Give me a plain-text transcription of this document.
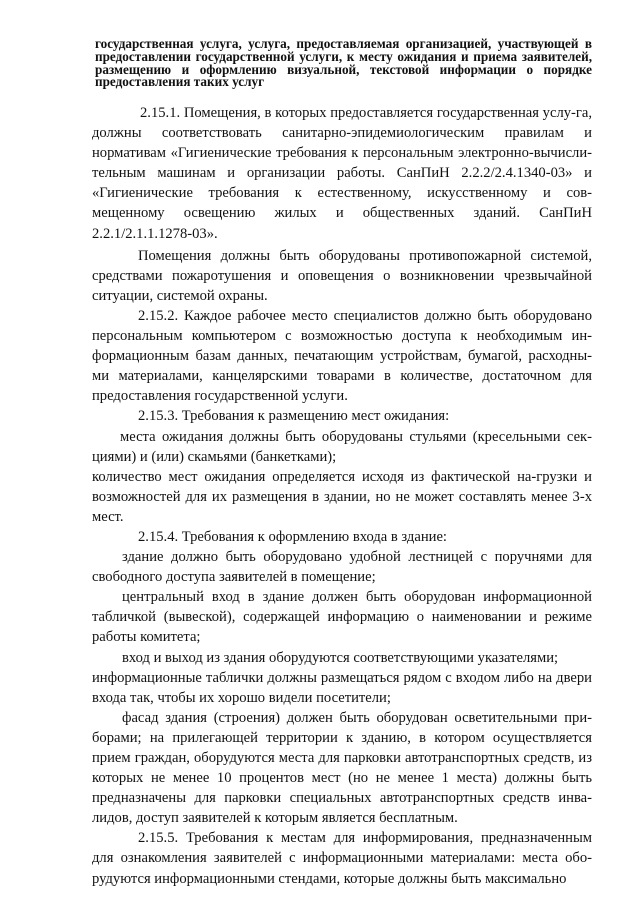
государственная услуга, услуга, предоставляемая организацией, участвующей в предоставлении государственной услуги, к месту ожидания и приема заявителей, размещению и оформлению визуальной, текстовой информации о порядке предоставления таких услуг

2.15.1. Помещения, в которых предоставляется государственная услу-га, должны соответствовать санитарно-эпидемиологическим правилам и нормативам «Гигиенические требования к персональным электронно-вычисли-тельным машинам и организации работы. СанПиН 2.2.2/2.4.1340-03» и «Гигиенические требования к естественному, искусственному и сов-мещенному освещению жилых и общественных зданий. СанПиН 2.2.1/2.1.1.1278-03».

Помещения должны быть оборудованы противопожарной системой, средствами пожаротушения и оповещения о возникновении чрезвычайной ситуации, системой охраны.

2.15.2. Каждое рабочее место специалистов должно быть оборудовано персональным компьютером с возможностью доступа к необходимым ин-формационным базам данных, печатающим устройствам, бумагой, расходны-ми материалами, канцелярскими товарами в количестве, достаточном для предоставления государственной услуги.

2.15.3. Требования к размещению мест ожидания:

места ожидания должны быть оборудованы стульями (кресельными сек-циями) и (или) скамьями (банкетками);

количество мест ожидания определяется исходя из фактической на-грузки и возможностей для их размещения в здании, но не может составлять менее 3-х мест.

2.15.4. Требования к оформлению входа в здание:

здание должно быть оборудовано удобной лестницей с поручнями для свободного доступа заявителей в помещение;

центральный вход в здание должен быть оборудован информационной табличкой (вывеской), содержащей информацию о наименовании и режиме работы комитета;

вход и выход из здания оборудуются соответствующими указателями;

информационные таблички должны размещаться рядом с входом либо на двери входа так, чтобы их хорошо видели посетители;

фасад здания (строения) должен быть оборудован осветительными при-борами; на прилегающей территории к зданию, в котором осуществляется прием граждан, оборудуются места для парковки автотранспортных средств, из которых не менее 10 процентов мест (но не менее 1 места) должны быть предназначены для парковки специальных автотранспортных средств инва-лидов, доступ заявителей к которым является бесплатным.

2.15.5. Требования к местам для информирования, предназначенным для ознакомления заявителей с информационными материалами: места обо-рудуются информационными стендами, которые должны быть максимально
